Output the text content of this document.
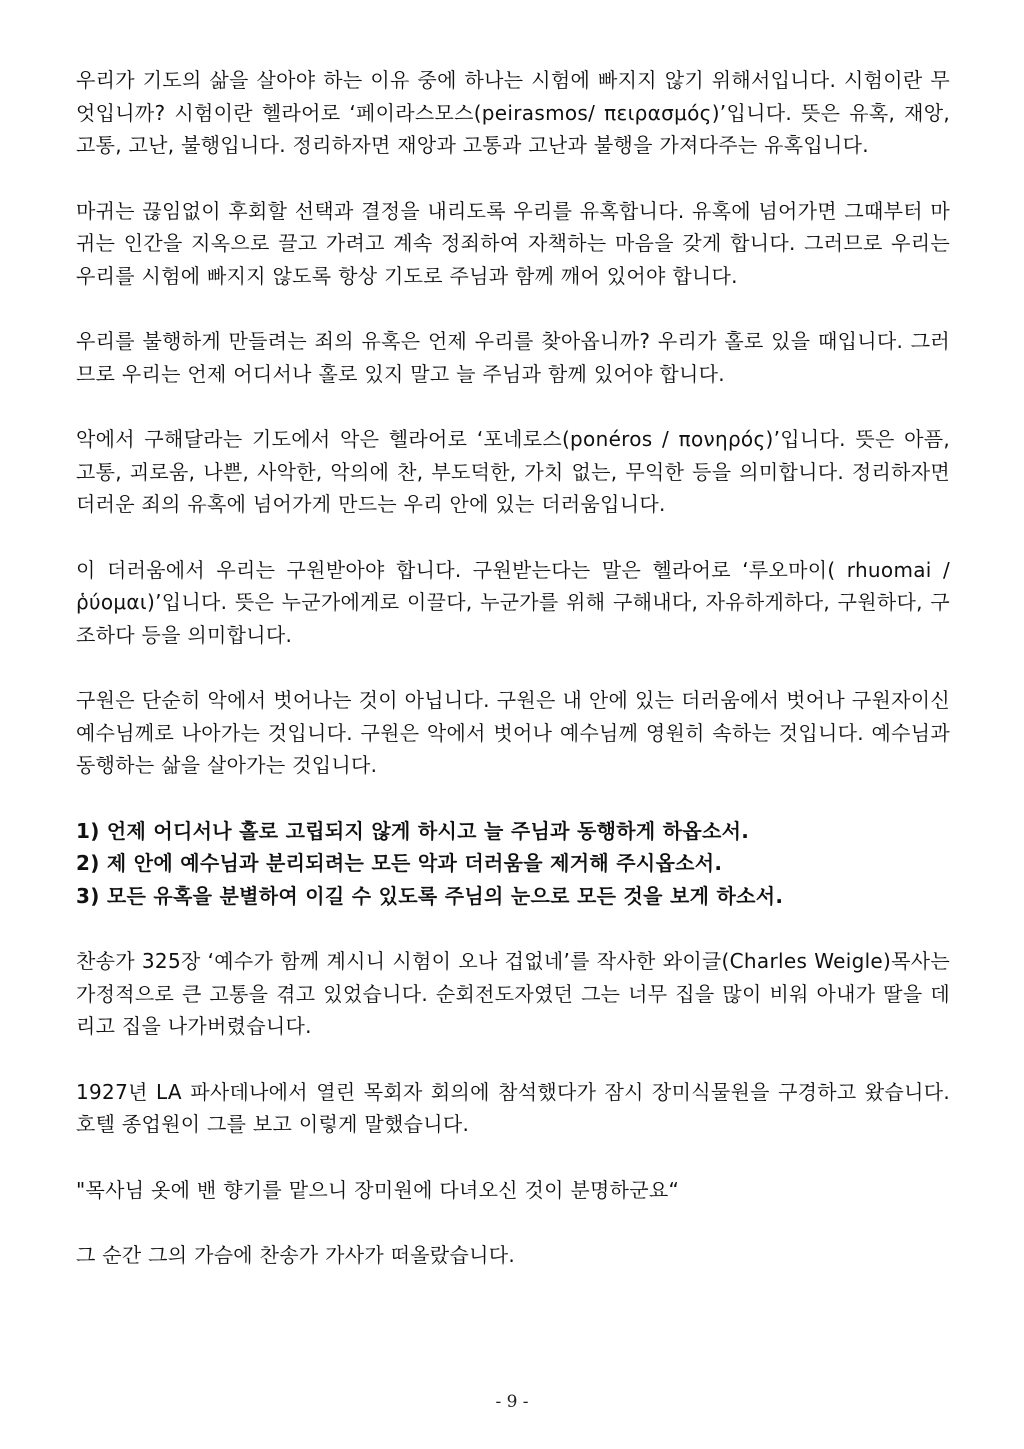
우리가 기도의 삶을 살아야 하는 이유 중에 하나는 시험에 빠지지 않기 위해서입니다. 시험이란 무엇입니까? 시험이란 헬라어로 ‘페이라스모스(peirasmos/ πειρασμός)’입니다. 뜻은 유혹, 재앙, 고통, 고난, 불행입니다. 정리하자면 재앙과 고통과 고난과 불행을 가져다주는 유혹입니다.

마귀는 끊임없이 후회할 선택과 결정을 내리도록 우리를 유혹합니다. 유혹에 넘어가면 그때부터 마귀는 인간을 지옥으로 끌고 가려고 계속 정죄하여 자책하는 마음을 갖게 합니다. 그러므로 우리는 우리를 시험에 빠지지 않도록 항상 기도로 주님과 함께 깨어 있어야 합니다.

우리를 불행하게 만들려는 죄의 유혹은 언제 우리를 찾아옵니까? 우리가 홀로 있을 때입니다. 그러므로 우리는 언제 어디서나 홀로 있지 말고 늘 주님과 함께 있어야 합니다.

악에서 구해달라는 기도에서 악은 헬라어로 ‘포네로스(ponéros / πονηρός)’입니다. 뜻은 아픔, 고통, 괴로움, 나쁜, 사악한, 악의에 찬, 부도덕한, 가치 없는, 무익한 등을 의미합니다. 정리하자면 더러운 죄의 유혹에 넘어가게 만드는 우리 안에 있는 더러움입니다.

이 더러움에서 우리는 구원받아야 합니다. 구원받는다는 말은 헬라어로 ‘루오마이( rhuomai / ῥύομαι)’입니다. 뜻은 누군가에게로 이끌다, 누군가를 위해 구해내다, 자유하게하다, 구원하다, 구조하다 등을 의미합니다.

구원은 단순히 악에서 벗어나는 것이 아닙니다. 구원은 내 안에 있는 더러움에서 벗어나 구원자이신 예수님께로 나아가는 것입니다. 구원은 악에서 벗어나 예수님께 영원히 속하는 것입니다. 예수님과 동행하는 삶을 살아가는 것입니다.

1) 언제 어디서나 홀로 고립되지 않게 하시고 늘 주님과 동행하게 하옵소서.
2) 제 안에 예수님과 분리되려는 모든 악과 더러움을 제거해 주시옵소서.
3) 모든 유혹을 분별하여 이길 수 있도록 주님의 눈으로 모든 것을 보게 하소서.

찬송가 325장 ‘예수가 함께 계시니 시험이 오나 겁없네’를 작사한 와이글(Charles Weigle)목사는 가정적으로 큰 고통을 겪고 있었습니다. 순회전도자였던 그는 너무 집을 많이 비워 아내가 딸을 데리고 집을 나가버렸습니다.

1927년 LA 파사데나에서 열린 목회자 회의에 참석했다가 잠시 장미식물원을 구경하고 왔습니다. 호텔 종업원이 그를 보고 이렇게 말했습니다.

"목사님 옷에 밴 향기를 맡으니 장미원에 다녀오신 것이 분명하군요“

그 순간 그의 가슴에 찬송가 가사가 떠올랐습니다.

- 9 -
